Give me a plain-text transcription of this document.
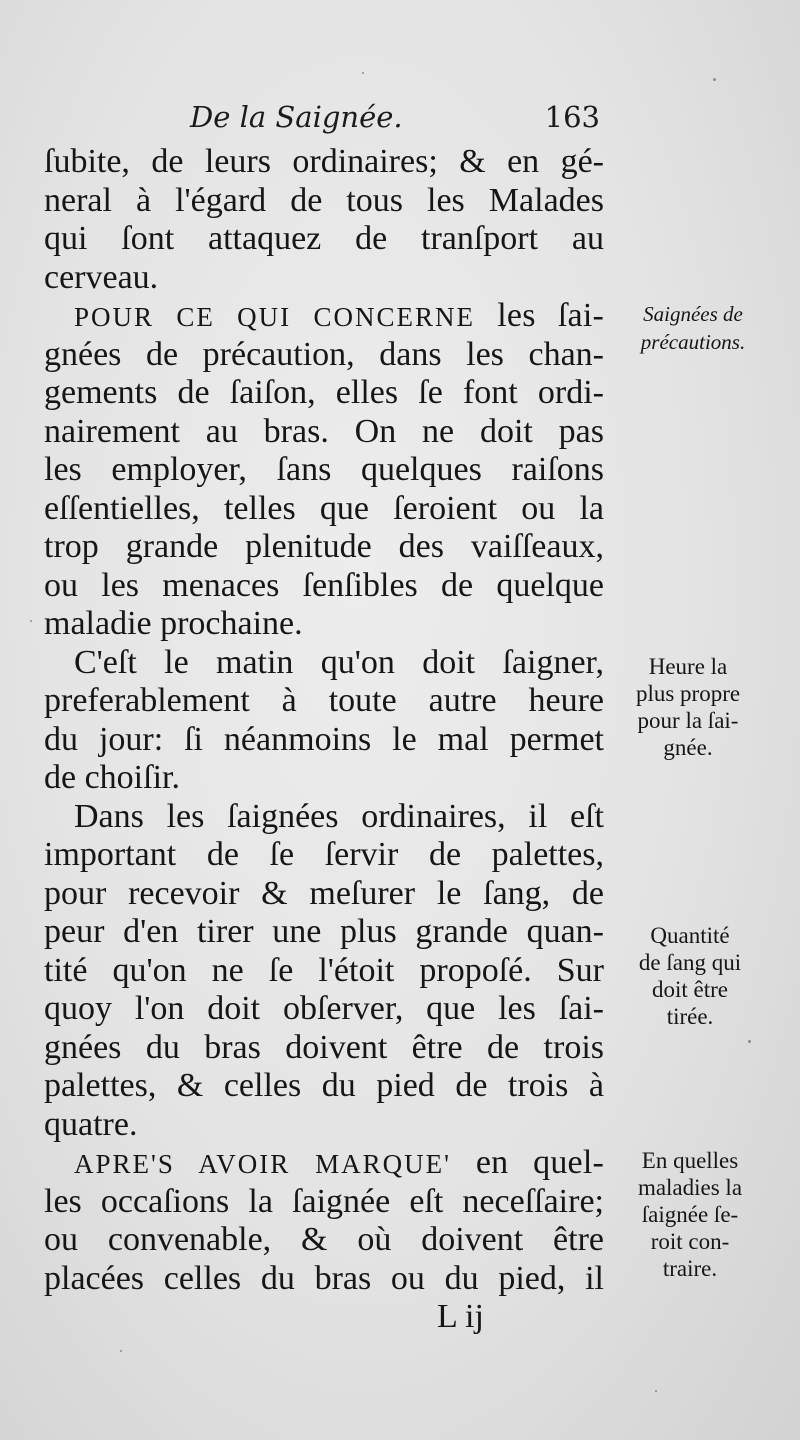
De la Saignée.	163
ſubite, de leurs ordinaires; & en gé-
neral à l'égard de tous les Malades
qui ſont attaquez de tranſport au
cerveau.
POUR CE QUI CONCERNE les ſai-
gnées de précaution, dans les chan-
gements de ſaiſon, elles ſe font ordi-
nairement au bras. On ne doit pas
les employer, ſans quelques raiſons
eſſentielles, telles que ſeroient ou la
trop grande plenitude des vaiſſeaux,
ou les menaces ſenſibles de quelque
maladie prochaine.
C'eſt le matin qu'on doit ſaigner,
preferablement à toute autre heure
du jour: ſi néanmoins le mal permet
de choiſir.
Dans les ſaignées ordinaires, il eſt
important de ſe ſervir de palettes,
pour recevoir & meſurer le ſang, de
peur d'en tirer une plus grande quan-
tité qu'on ne ſe l'étoit propoſé. Sur
quoy l'on doit obſerver, que les ſai-
gnées du bras doivent être de trois
palettes, & celles du pied de trois à
quatre.
APRE'S AVOIR MARQUE' en quel-
les occaſions la ſaignée eſt neceſſaire;
ou convenable, & où doivent être
placées celles du bras ou du pied, il
L ij
Saignées de
précautions.
Heure la
plus propre
pour la ſai-
gnée.
Quantité
de ſang qui
doit être
tirée.
En quelles
maladies la
ſaignée ſe-
roit con-
traire.
